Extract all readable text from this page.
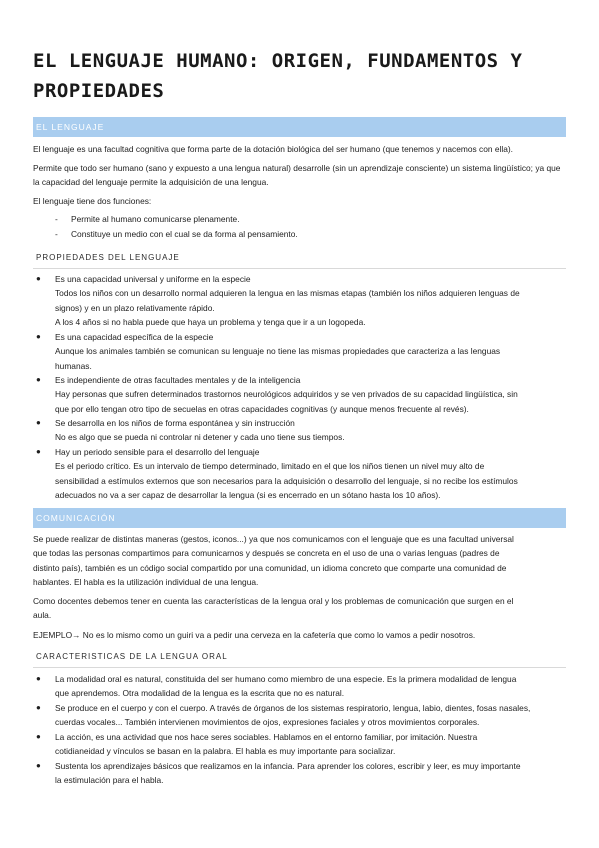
EL LENGUAJE HUMANO: ORIGEN, FUNDAMENTOS Y PROPIEDADES
EL LENGUAJE
El lenguaje es una facultad cognitiva que forma parte de la dotación biológica del ser humano (que tenemos y nacemos con ella).
Permite que todo ser humano (sano y expuesto a una lengua natural) desarrolle (sin un aprendizaje consciente) un sistema lingüístico; ya que la capacidad del lenguaje permite la adquisición de una lengua.
El lenguaje tiene dos funciones:
- Permite al humano comunicarse plenamente.
- Constituye un medio con el cual se da forma al pensamiento.
PROPIEDADES DEL LENGUAJE
● Es una capacidad universal y uniforme en la especie
Todos los niños con un desarrollo normal adquieren la lengua en las mismas etapas (también los niños adquieren lenguas de
signos) y en un plazo relativamente rápido.
A los 4 años si no habla puede que haya un problema y tenga que ir a un logopeda.
● Es una capacidad específica de la especie
Aunque los animales también se comunican su lenguaje no tiene las mismas propiedades que caracteriza a las lenguas
humanas.
● Es independiente de otras facultades mentales y de la inteligencia
Hay personas que sufren determinados trastornos neurológicos adquiridos y se ven privados de su capacidad lingüística, sin
que por ello tengan otro tipo de secuelas en otras capacidades cognitivas (y aunque menos frecuente al revés).
● Se desarrolla en los niños de forma espontánea y sin instrucción
No es algo que se pueda ni controlar ni detener y cada uno tiene sus tiempos.
● Hay un periodo sensible para el desarrollo del lenguaje
Es el periodo crítico. Es un intervalo de tiempo determinado, limitado en el que los niños tienen un nivel muy alto de
sensibilidad a estímulos externos que son necesarios para la adquisición o desarrollo del lenguaje, si no recibe los estímulos
adecuados no va a ser capaz de desarrollar la lengua (si es encerrado en un sótano hasta los 10 años).
COMUNICACIÓN
Se puede realizar de distintas maneras (gestos, iconos...) ya que nos comunicamos con el lenguaje que es una facultad universal
que todas las personas compartimos para comunicarnos y después se concreta en el uso de una o varias lenguas (padres de
distinto país), también es un código social compartido por una comunidad, un idioma concreto que comparte una comunidad de
hablantes. El habla es la utilización individual de una lengua.
Como docentes debemos tener en cuenta las características de la lengua oral y los problemas de comunicación que surgen en el
aula.
EJEMPLO→ No es lo mismo como un guiri va a pedir una cerveza en la cafetería que como lo vamos a pedir nosotros.
CARACTERISTICAS DE LA LENGUA ORAL
● La modalidad oral es natural, constituida del ser humano como miembro de una especie. Es la primera modalidad de lengua
que aprendemos. Otra modalidad de la lengua es la escrita que no es natural.
● Se produce en el cuerpo y con el cuerpo. A través de órganos de los sistemas respiratorio, lengua, labio, dientes, fosas nasales,
cuerdas vocales... También intervienen movimientos de ojos, expresiones faciales y otros movimientos corporales.
● La acción, es una actividad que nos hace seres sociables. Hablamos en el entorno familiar, por imitación. Nuestra
cotidianeidad y vínculos se basan en la palabra. El habla es muy importante para socializar.
● Sustenta los aprendizajes básicos que realizamos en la infancia. Para aprender los colores, escribir y leer, es muy importante
la estimulación para el habla.
